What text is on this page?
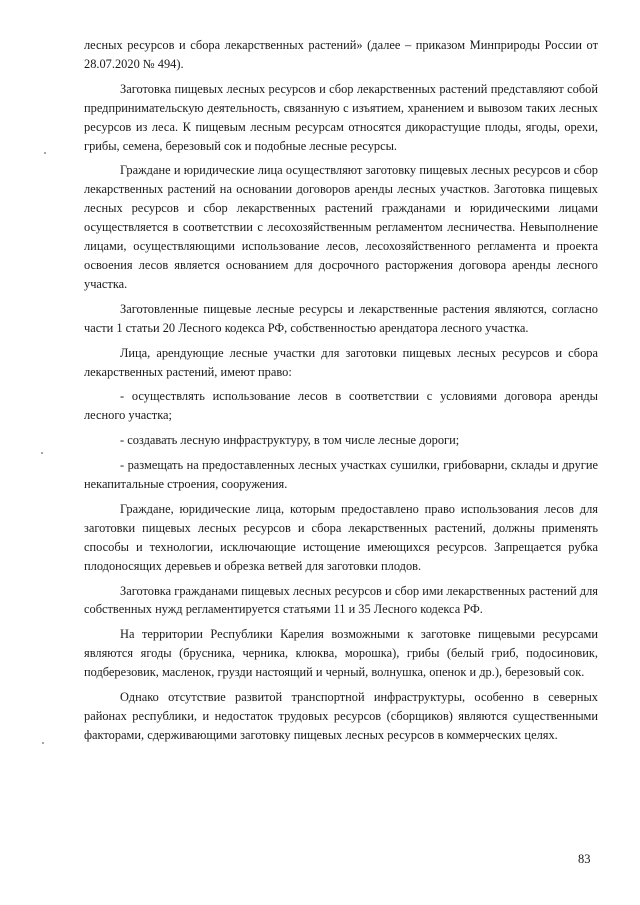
лесных ресурсов и сбора лекарственных растений» (далее – приказом Минприроды России от 28.07.2020 № 494).

Заготовка пищевых лесных ресурсов и сбор лекарственных растений представляют собой предпринимательскую деятельность, связанную с изъятием, хранением и вывозом таких лесных ресурсов из леса. К пищевым лесным ресурсам относятся дикорастущие плоды, ягоды, орехи, грибы, семена, березовый сок и подобные лесные ресурсы.

Граждане и юридические лица осуществляют заготовку пищевых лесных ресурсов и сбор лекарственных растений на основании договоров аренды лесных участков. Заготовка пищевых лесных ресурсов и сбор лекарственных растений гражданами и юридическими лицами осуществляется в соответствии с лесохозяйственным регламентом лесничества. Невыполнение лицами, осуществляющими использование лесов, лесохозяйственного регламента и проекта освоения лесов является основанием для досрочного расторжения договора аренды лесного участка.

Заготовленные пищевые лесные ресурсы и лекарственные растения являются, согласно части 1 статьи 20 Лесного кодекса РФ, собственностью арендатора лесного участка.

Лица, арендующие лесные участки для заготовки пищевых лесных ресурсов и сбора лекарственных растений, имеют право:

- осуществлять использование лесов в соответствии с условиями договора аренды лесного участка;

- создавать лесную инфраструктуру, в том числе лесные дороги;

- размещать на предоставленных лесных участках сушилки, грибоварни, склады и другие некапитальные строения, сооружения.

Граждане, юридические лица, которым предоставлено право использования лесов для заготовки пищевых лесных ресурсов и сбора лекарственных растений, должны применять способы и технологии, исключающие истощение имеющихся ресурсов. Запрещается рубка плодоносящих деревьев и обрезка ветвей для заготовки плодов.

Заготовка гражданами пищевых лесных ресурсов и сбор ими лекарственных растений для собственных нужд регламентируется статьями 11 и 35 Лесного кодекса РФ.

На территории Республики Карелия возможными к заготовке пищевыми ресурсами являются ягоды (брусника, черника, клюква, морошка), грибы (белый гриб, подосиновик, подберезовик, масленок, грузди настоящий и черный, волнушка, опенок и др.), березовый сок.

Однако отсутствие развитой транспортной инфраструктуры, особенно в северных районах республики, и недостаток трудовых ресурсов (сборщиков) являются существенными факторами, сдерживающими заготовку пищевых лесных ресурсов в коммерческих целях.

83
